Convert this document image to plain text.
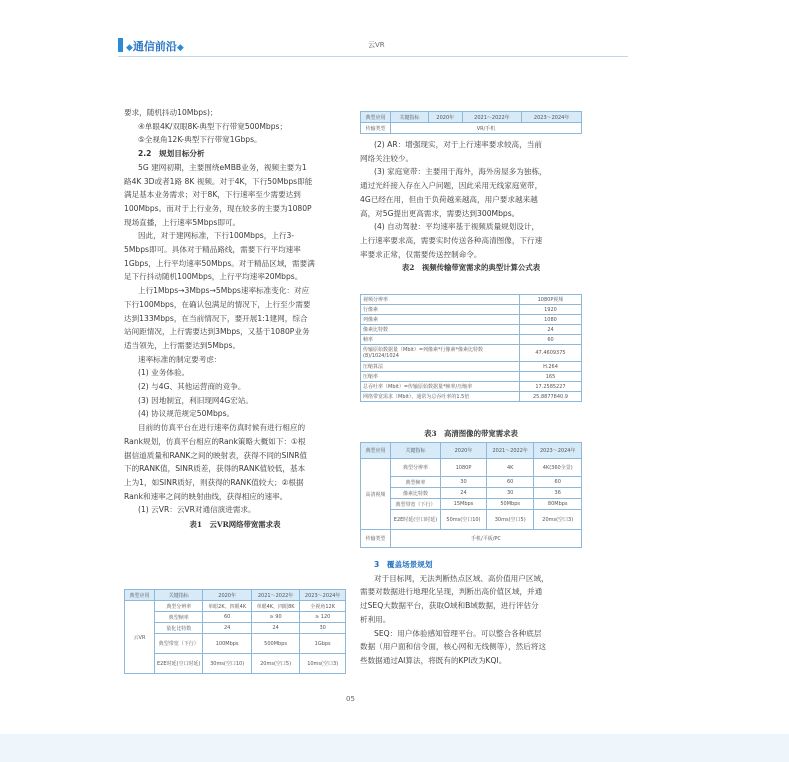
◆通信前沿◆	云VR

要求，随机抖动10Mbps)；

④单眼4K/双眼8K-典型下行带宽500Mbps；

⑤全视角12K-典型下行带宽1Gbps。

2.2　规划目标分析

5G 建网初期，主要围绕eMBB业务，视频主要为1

路4K 3D或者1路 8K 视频。对于4K，下行50Mbps即能

满足基本业务需求；对于8K，下行速率至少需要达到

100Mbps。而对于上行业务，现在较多的主要为1080P

现场直播，上行速率5Mbps即可。

因此，对于建网标准，下行100Mbps，上行3-

5Mbps即可。具体对于精品路线，需要下行平均速率

1Gbps，上行平均速率50Mbps。对于精品区域，需要满

足下行抖动随机100Mbps，上行平均速率20Mbps。

上行1Mbps→3Mbps→5Mbps速率标准变化：对应

下行100Mbps，在确认包满足的情况下，上行至少需要

达到133Mbps，在当前情况下，要开展1:1建网，综合

站间距情况，上行需要达到3Mbps，又基于1080P业务

适当领先，上行需要达到5Mbps。

速率标准的制定要考虑：

(1) 业务体验。

(2) 与4G、其他运营商的竞争。

(3) 因地制宜，利旧现网4G宏站。

(4) 协议规范规定50Mbps。

目前的仿真平台在进行速率仿真时候有进行相应的

Rank规划，仿真平台相应的Rank策略大概如下：①根

据信道质量和RANK之间的映射表，获得不同的SINR值

下的RANK值，SINR质差，获得的RANK值较低，基本

上为1，如SINR质好，则获得的RANK值较大；②根据

Rank和速率之间的映射曲线，获得相应的速率。

(1) 云VR：云VR对通信演进需求。

表1　云VR网络带宽需求表

典型应用	关键指标	2020年	2021～2022年	2023～2024年
云VR	典型分辨率	单眼2K，四眼4K	单眼4K，四眼8K	全视角12K
	典型帧率	60	≥ 90	≥ 120
	量化比特数	24	24	30
	典型带宽（下行）	100Mbps	500Mbps	1Gbps
	E2E时延(空口时延)	30ms(空口10)	20ms(空口5)	10ms(空口3)
典型应用	关键指标	2020年	2021～2022年	2023～2024年
传输类型	VR/手机			

(2) AR：增强现实，对于上行速率要求较高，当前

网络关注较少。

(3) 家庭宽带：主要用于海外，海外房屋多为独栋，

通过光纤接入存在入户问题，因此采用无线家庭宽带，

4G已经在用，但由于负荷越来越高，用户要求越来越

高，对5G提出更高需求，需要达到300Mbps。

(4) 自动驾驶：平均速率基于视频质量规划设计，

上行速率要求高，需要实时传送各种高清图像，下行速

率要求正常，仅需要传送控制命令。

表2　视频传输带宽需求的典型计算公式表

视频分辨率	1080P视频
行像素	1920
列像素	1080
像素比特数	24
帧率	60
传输原始数据量（Mbit）=列像素*行像素*像素比特数(8)/1024/1024	47.4609375
压缩算法	H.264
压缩率	165
总吞吐率（Mbit）=传输原始数据量*帧率/压缩率	17.2585227
网络带宽需求（Mbit），通常为总吞吐率的1.5倍	25.8877840.9

表3　高清图像的带宽需求表

典型应用	关键指标	2020年	2021～2022年	2023～2024年
高清视频	典型分辨率	1080P	4K	4K(360全景)
	典型帧率	30	60	60
	像素比特数	24	30	36
	典型带宽（下行）	15Mbps	50Mbps	80Mbps
	E2E时延(空口时延)	50ms(空口10)	30ms(空口5)	20ms(空口3)
传输类型	手机/平板/PC			

3　覆盖场景规划

对于目标网，无法判断热点区域、高价值用户区域，

需要对数据进行地理化呈现，判断出高价值区域，并通

过SEQ大数据平台，获取O域和B域数据，进行评估分

析利用。

SEQ：用户体验感知管理平台。可以整合各种底层

数据（用户面和信令面，核心网和无线侧等），然后将这

些数据通过AI算法，将既有的KPI改为KQI。

05
